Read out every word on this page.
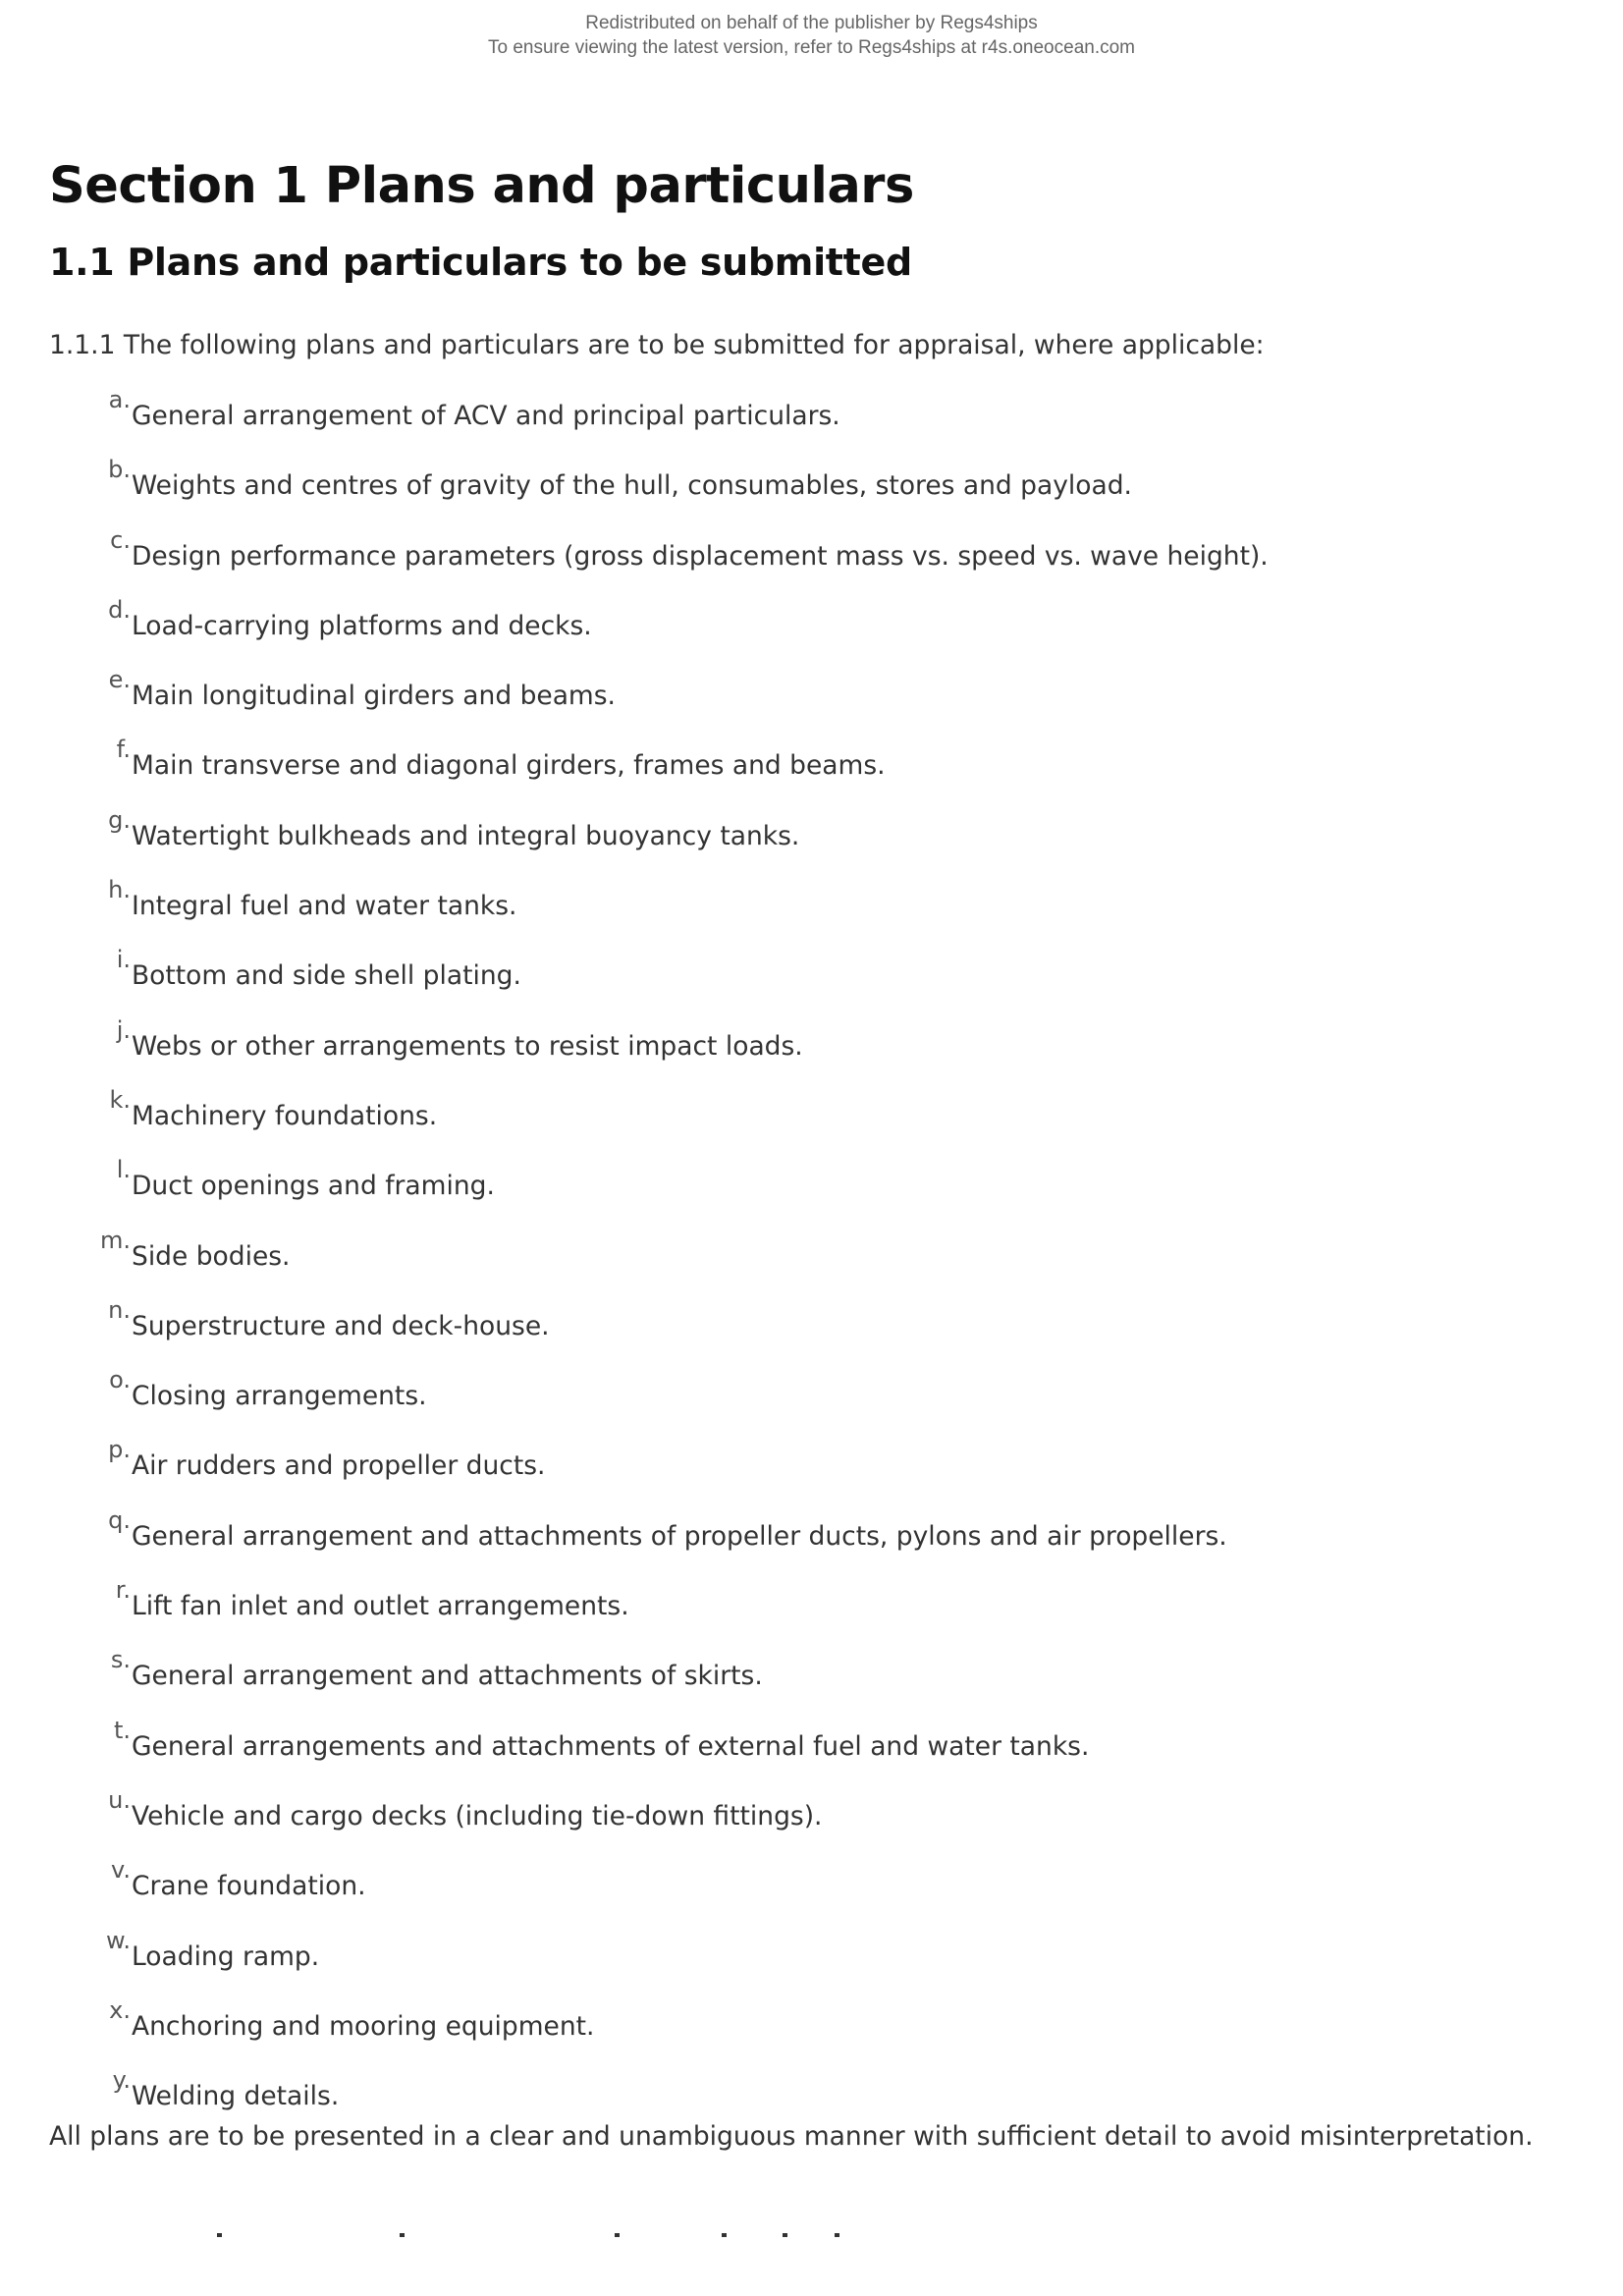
Redistributed on behalf of the publisher by Regs4ships
To ensure viewing the latest version, refer to Regs4ships at r4s.oneocean.com
Section 1 Plans and particulars
1.1 Plans and particulars to be submitted

1.1.1 The following plans and particulars are to be submitted for appraisal, where applicable:

a.
General arrangement of ACV and principal particulars.
b.
Weights and centres of gravity of the hull, consumables, stores and payload.
c.
Design performance parameters (gross displacement mass vs. speed vs. wave height).
d.
Load-carrying platforms and decks.
e.
Main longitudinal girders and beams.
f.
Main transverse and diagonal girders, frames and beams.
g.
Watertight bulkheads and integral buoyancy tanks.
h.
Integral fuel and water tanks.
i.
Bottom and side shell plating.
j.
Webs or other arrangements to resist impact loads.
k.
Machinery foundations.
l.
Duct openings and framing.
m.
Side bodies.
n.
Superstructure and deck-house.
o.
Closing arrangements.
p.
Air rudders and propeller ducts.
q.
General arrangement and attachments of propeller ducts, pylons and air propellers.
r.
Lift fan inlet and outlet arrangements.
s.
General arrangement and attachments of skirts.
t.
General arrangements and attachments of external fuel and water tanks.
u.
Vehicle and cargo decks (including tie-down fittings).
v.
Crane foundation.
w.
Loading ramp.
x.
Anchoring and mooring equipment.
y.
Welding details.

All plans are to be presented in a clear and unambiguous manner with sufficient detail to avoid misinterpretation.
